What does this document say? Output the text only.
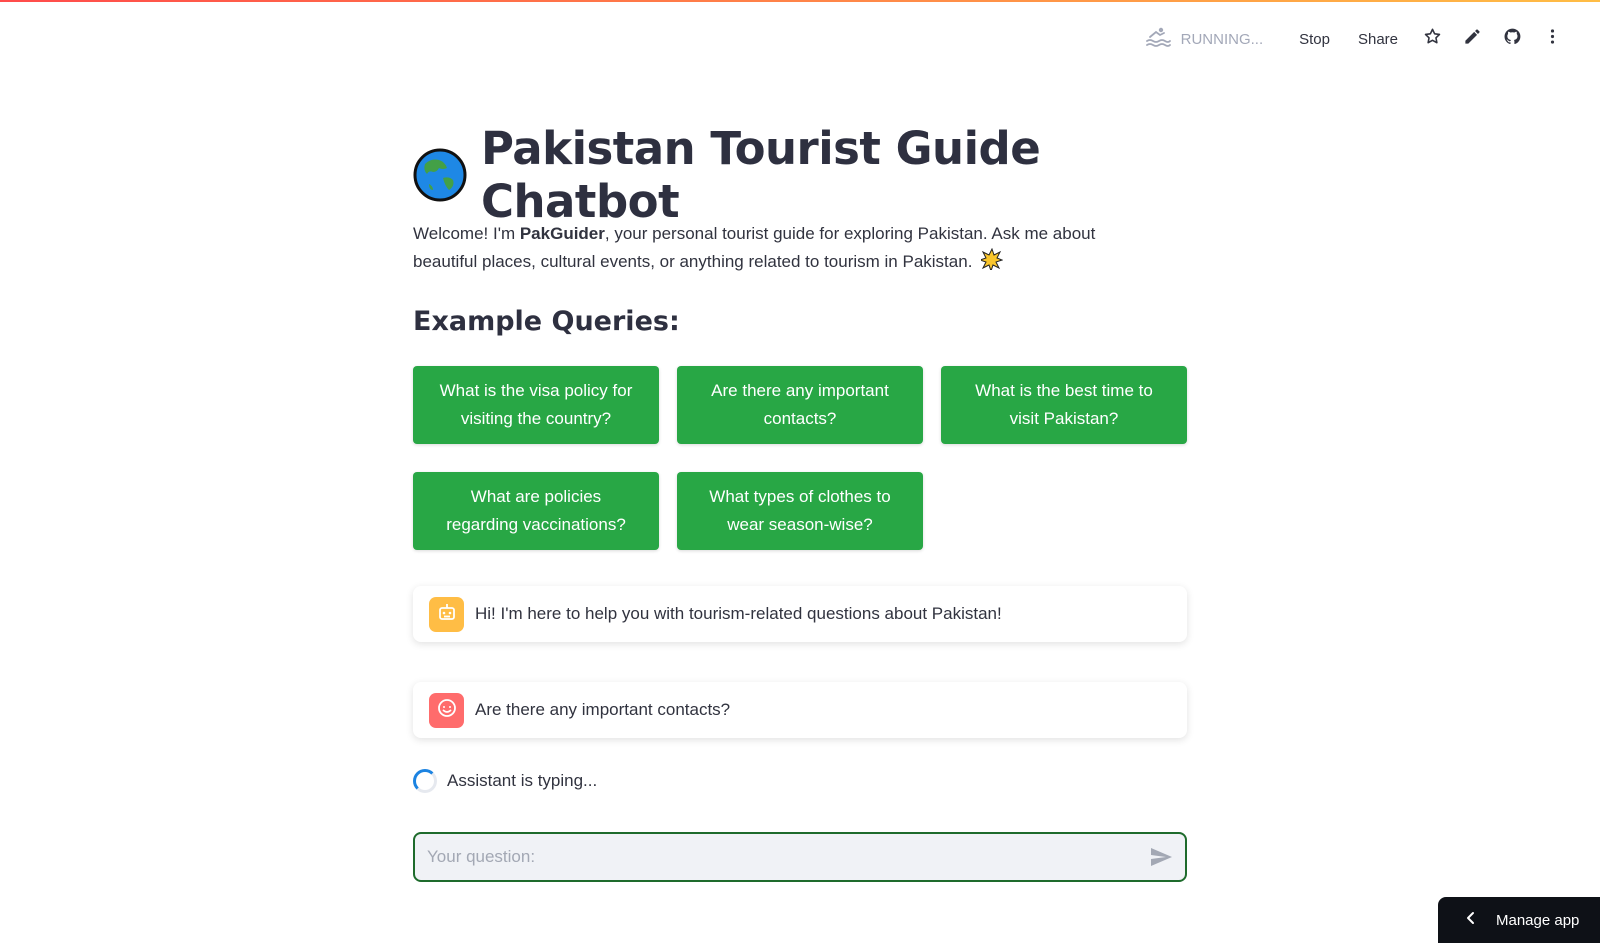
RUNNING...	Stop	Share
Pakistan Tourist Guide Chatbot

Welcome! I'm PakGuider, your personal tourist guide for exploring Pakistan. Ask me about beautiful places, cultural events, or anything related to tourism in Pakistan.

Example Queries:
What is the visa policy for visiting the country?
Are there any important contacts?
What is the best time to visit Pakistan?
What are policies regarding vaccinations?
What types of clothes to wear season-wise?
Hi! I'm here to help you with tourism-related questions about Pakistan!
Are there any important contacts?
Assistant is typing...
Your question:
Manage app
